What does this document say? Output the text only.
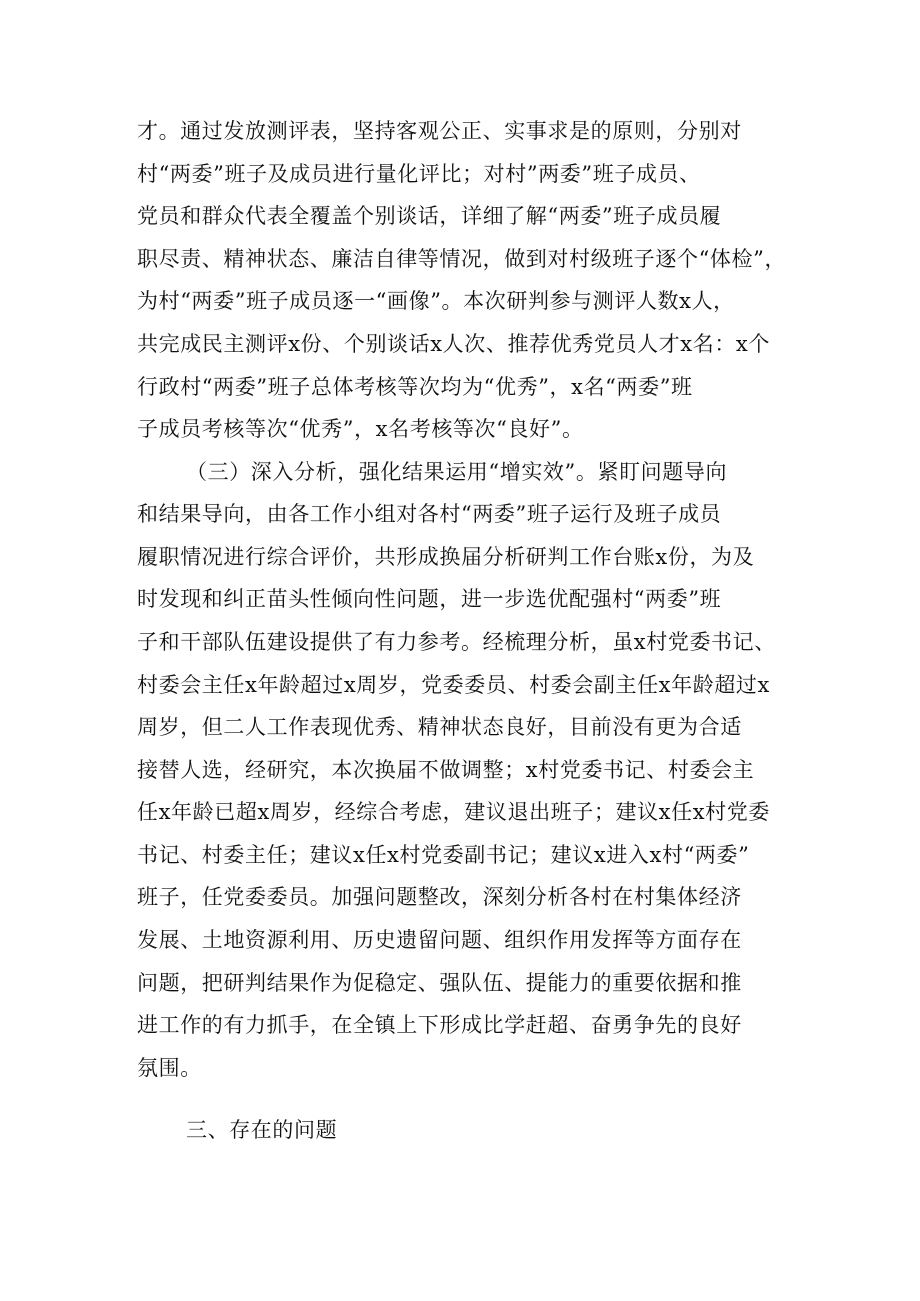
才。通过发放测评表，坚持客观公正、实事求是的原则，分别对
村“两委”班子及成员进行量化评比；对村”两委”班子成员、
党员和群众代表全覆盖个别谈话，详细了解“两委”班子成员履
职尽责、精神状态、廉洁自律等情况，做到对村级班子逐个“体检”，
为村“两委”班子成员逐一“画像”。本次研判参与测评人数x人，
共完成民主测评x份、个别谈话x人次、推荐优秀党员人才x名：x个
行政村“两委”班子总体考核等次均为“优秀”，x名“两委”班
子成员考核等次“优秀”，x名考核等次“良好”。
（三）深入分析，强化结果运用“增实效”。紧盯问题导向
和结果导向，由各工作小组对各村“两委”班子运行及班子成员
履职情况进行综合评价，共形成换届分析研判工作台账x份，为及
时发现和纠正苗头性倾向性问题，进一步选优配强村“两委”班
子和干部队伍建设提供了有力参考。经梳理分析，虽x村党委书记、
村委会主任x年龄超过x周岁，党委委员、村委会副主任x年龄超过x
周岁，但二人工作表现优秀、精神状态良好，目前没有更为合适
接替人选，经研究，本次换届不做调整；x村党委书记、村委会主
任x年龄已超x周岁，经综合考虑，建议退出班子；建议x任x村党委
书记、村委主任；建议x任x村党委副书记；建议x进入x村“两委”
班子，任党委委员。加强问题整改，深刻分析各村在村集体经济
发展、土地资源利用、历史遗留问题、组织作用发挥等方面存在
问题，把研判结果作为促稳定、强队伍、提能力的重要依据和推
进工作的有力抓手，在全镇上下形成比学赶超、奋勇争先的良好
氛围。
三、存在的问题
